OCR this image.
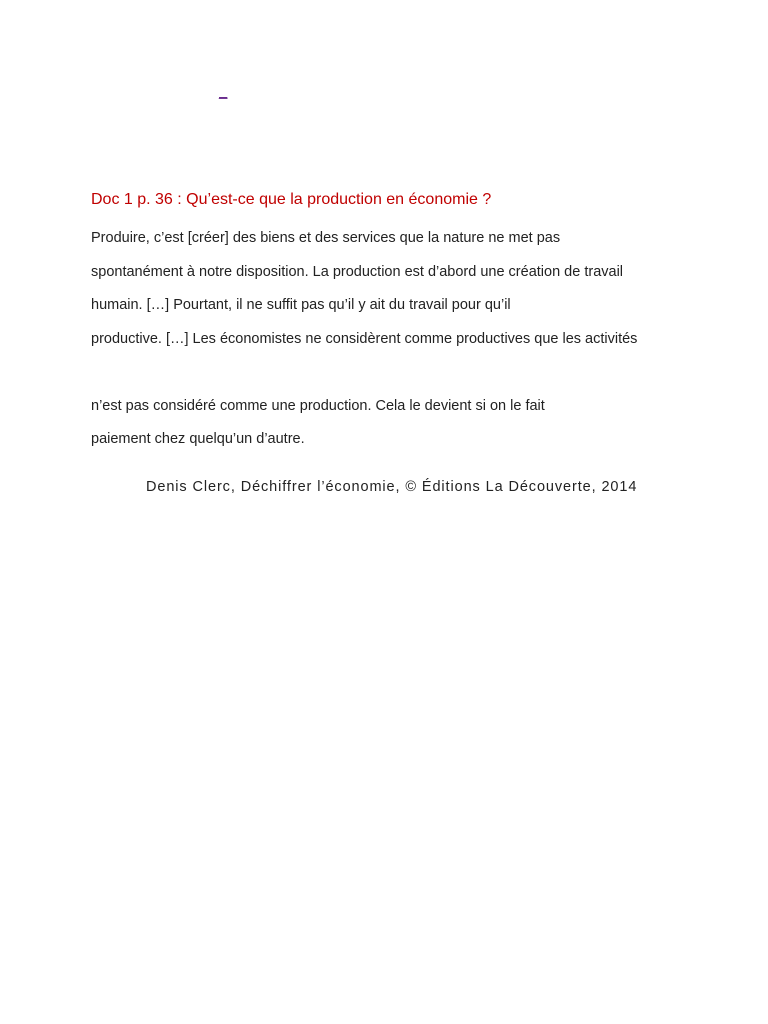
_
Doc 1 p. 36 : Qu’est-ce que la production en économie ?

Produire, c’est [créer] des biens et des services que la nature ne met pas

spontanément à notre disposition. La production est d’abord une création de travail

humain. […] Pourtant, il ne suffit pas qu’il y ait du travail pour qu’il

productive. […] Les économistes ne considèrent comme productives que les activités

n’est pas considéré comme une production. Cela le devient si on le fait

paiement chez quelqu’un d’autre.

Denis Clerc, Déchiffrer l’économie, © Éditions La Découverte, 2014
